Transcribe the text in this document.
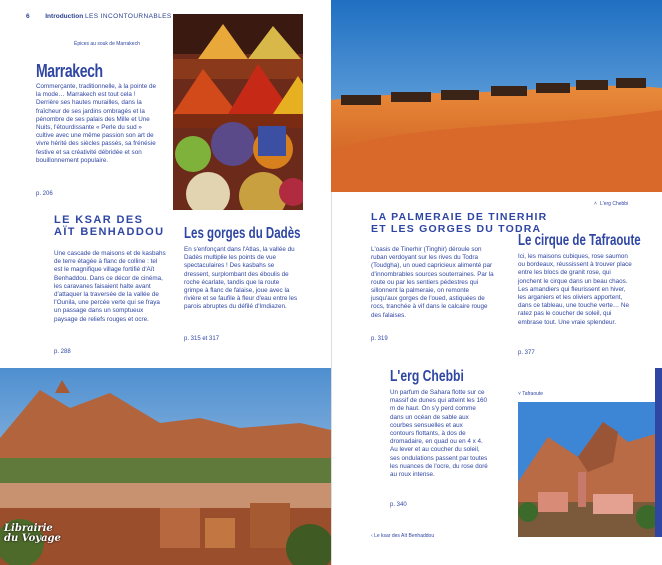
6 Introduction LES INCONTOURNABLES
Épices au souk de Marrakech
Marrakech
Commerçante, traditionnelle, à la pointe de la mode… Marrakech est tout cela ! Derrière ses hautes murailles, dans la fraîcheur de ses jardins ombragés et la pénombre de ses palais des Mille et Une Nuits, l'étourdissante « Perle du sud » cultive avec une même passion son art de vivre hérité des siècles passés, sa frénésie festive et sa créativité débridée et son bouillonnement populaire.
p. 206
LE KSAR DES
AÏT BENHADDOU
Une cascade de maisons et de kasbahs de terre étagée à flanc de colline : tel est le magnifique village fortifié d'Aït Benhaddou. Dans ce décor de cinéma, les caravanes faisaient halte avant d'attaquer la traversée de la vallée de l'Ounila, une percée verte qui se fraya un passage dans un somptueux paysage de reliefs rouges et ocre.
p. 288
Les gorges du Dadès
En s'enfonçant dans l'Atlas, la vallée du Dadès multiplie les points de vue spectaculaires ! Des kasbahs se dressent, surplombant des éboulis de roche écarlate, tandis que la route grimpe à flanc de falaise, joue avec la rivière et se faufile à fleur d'eau entre les parois abruptes du défilé d'Imdiazen.
p. 315 et 317
Librairie
du Voyage
L'erg Chebbi
LA PALMERAIE DE TINERHIR
ET LES GORGES DU TODRA
L'oasis de Tinerhir (Tinghir) déroule son ruban verdoyant sur les rives du Todra (Toudgha), un oued capricieux alimenté par d'innombrables sources souterraines. Par la route ou par les sentiers pédestres qui sillonnent la palmeraie, on remonte jusqu'aux gorges de l'oued, astiquées de rocs, tranchée à vif dans le calcaire rouge des falaises.
p. 319
Le cirque de Tafraoute
Ici, les maisons cubiques, rose saumon ou bordeaux, réussissent à trouver place entre les blocs de granit rose, qui jonchent le cirque dans un beau chaos. Les amandiers qui fleurissent en hiver, les arganiers et les oliviers apportent, dans ce tableau, une touche verte… Ne ratez pas le coucher de soleil, qui embrase tout. Une vraie splendeur.
p. 377
L'erg Chebbi
Un parfum de Sahara flotte sur ce massif de dunes qui atteint les 160 m de haut. On s'y perd comme dans un océan de sable aux courbes sensuelles et aux contours flottants, à dos de dromadaire, en quad ou en 4 x 4. Au lever et au coucher du soleil, ses ondulations passent par toutes les nuances de l'ocre, du rose doré au roux intense.
p. 340
‹ Le ksar des Aït Benhaddou
˅ Tafraoute
˄
